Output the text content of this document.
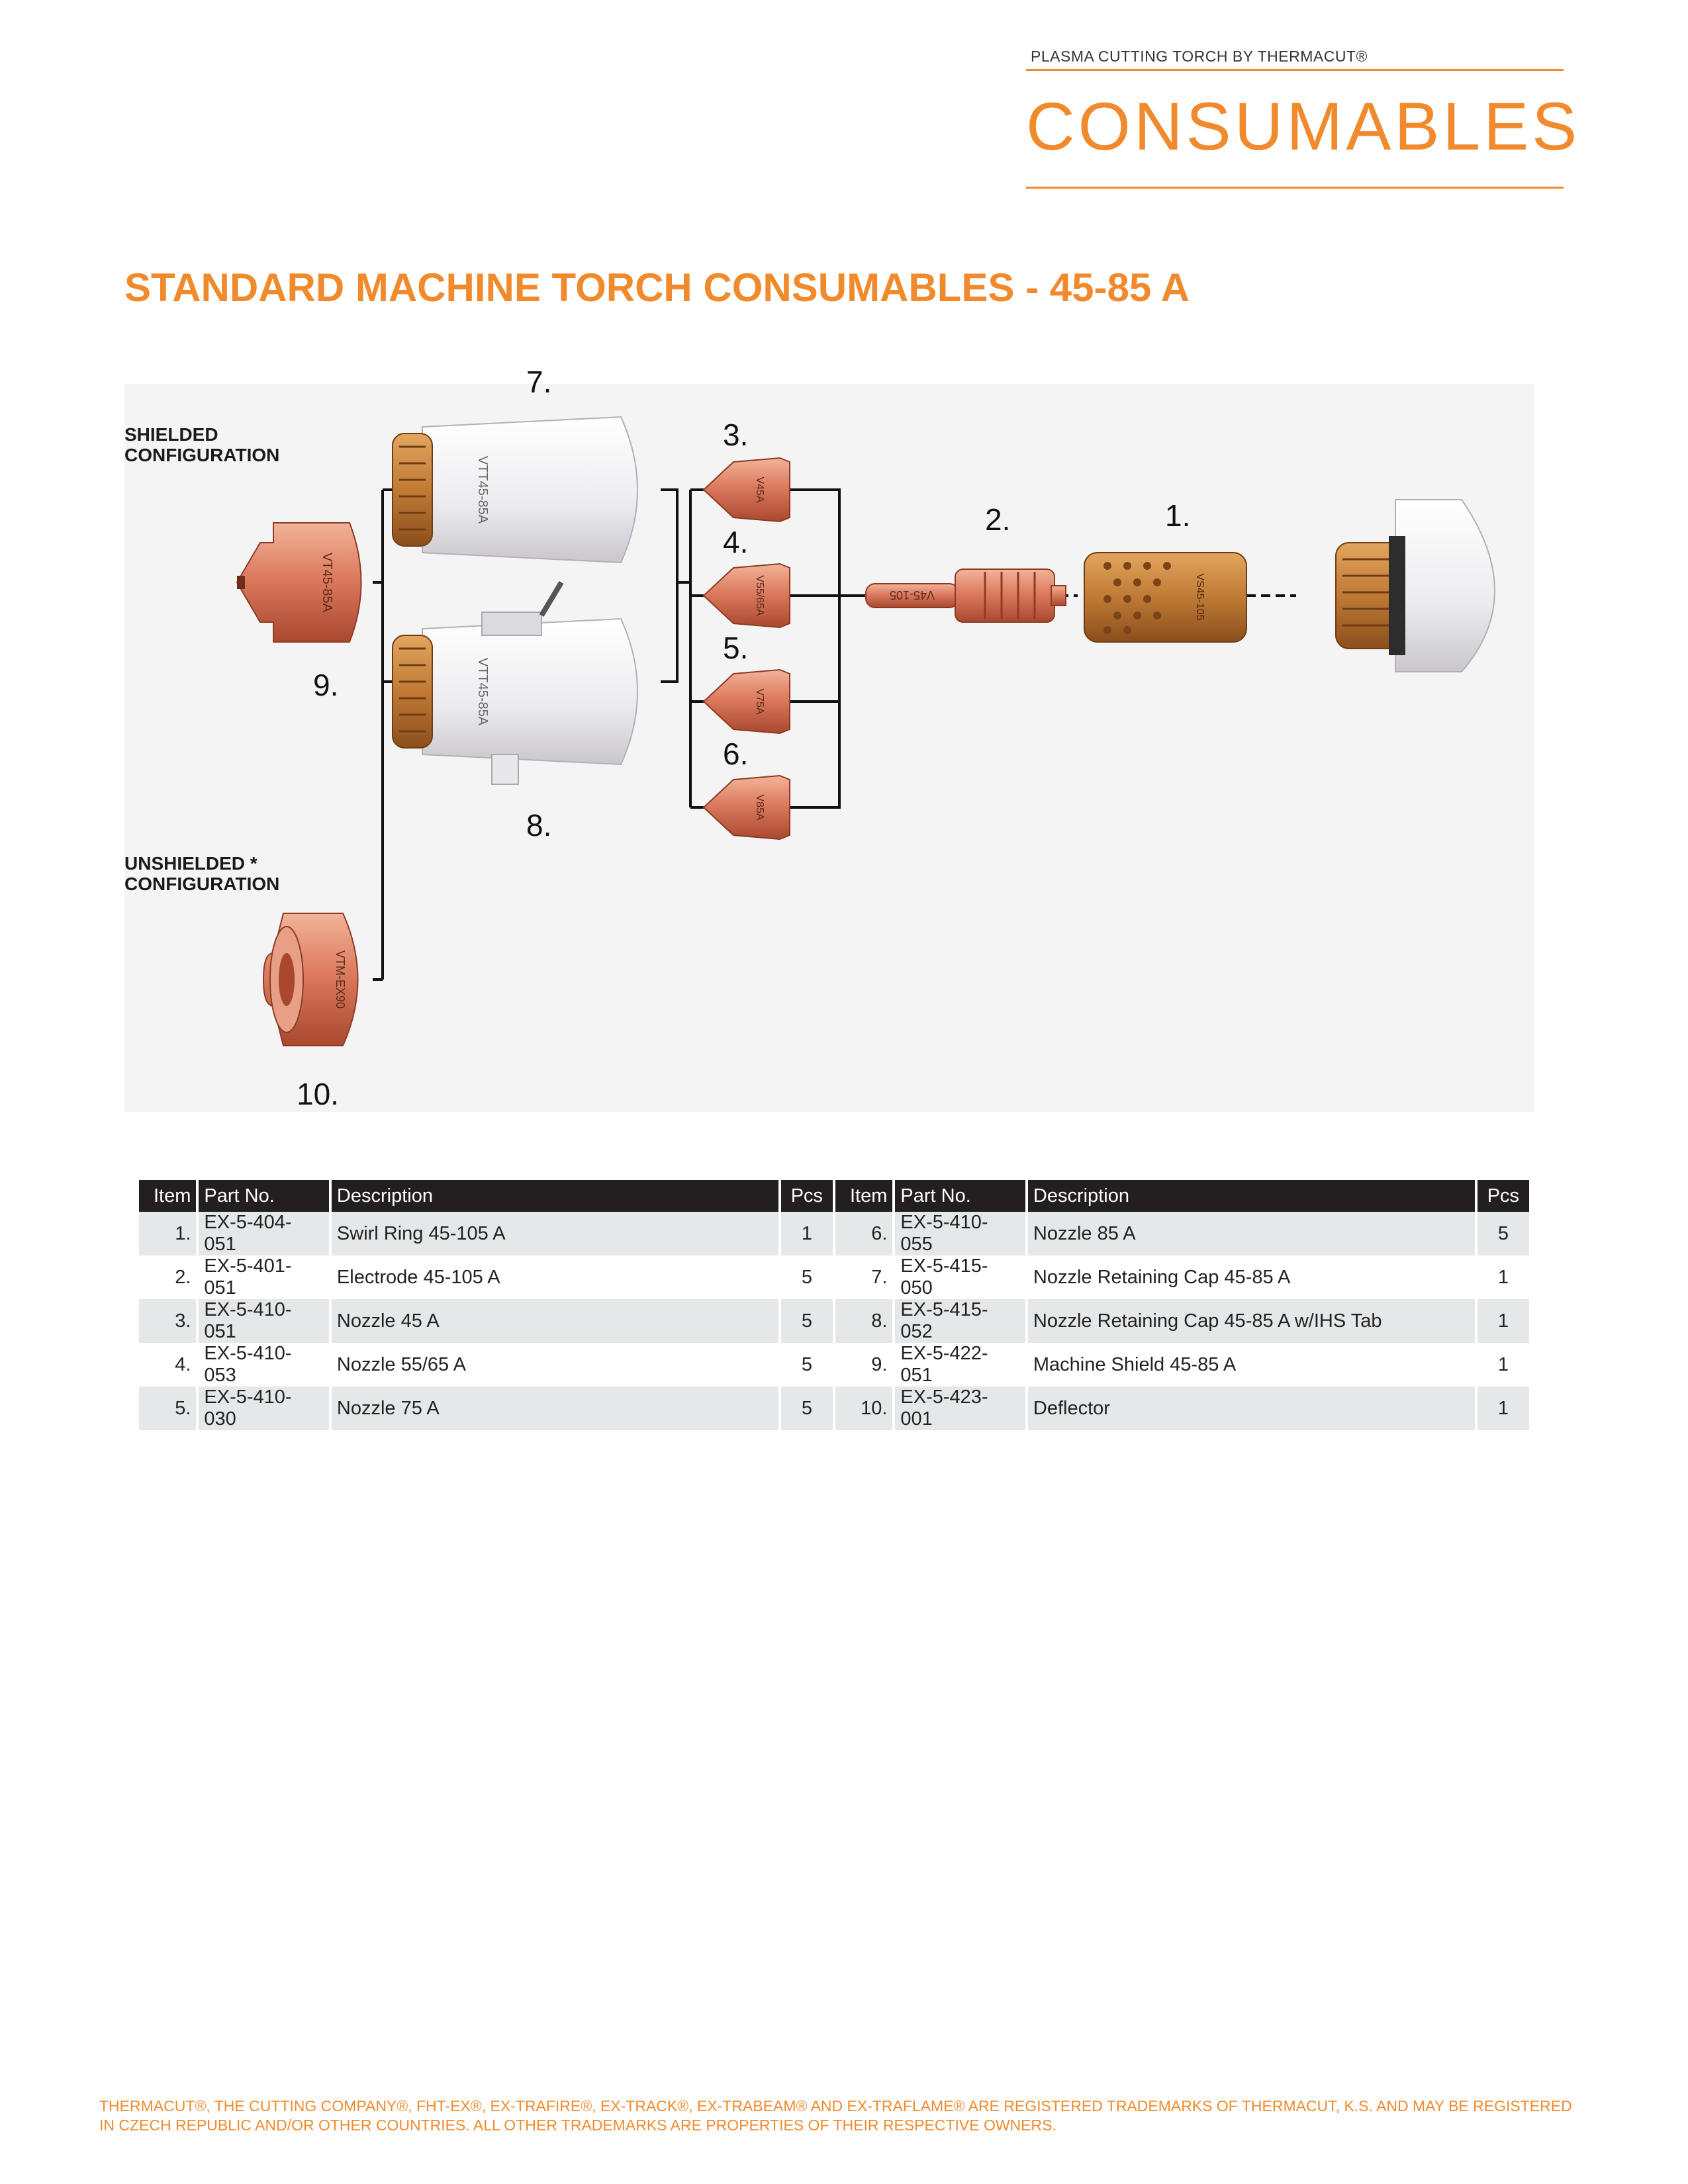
PLASMA CUTTING TORCH BY THERMACUT®
CONSUMABLES
STANDARD MACHINE TORCH CONSUMABLES - 45-85 A
VT45-85A
VTT45-85A
VTT45-85A
V45A
V55/65A
V75A
V85A
V45-105	VS45-105
VTM-EX90
SHIELDED
CONFIGURATION
UNSHIELDED *
CONFIGURATION
1.
2.
3.
4.
5.
6.
7.
8.
9.
10.
Item	Part No.	Description	Pcs	Item	Part No.	Description	Pcs
1.	EX-5-404-051	Swirl Ring 45-105 A	1	6.	EX-5-410-055	Nozzle 85 A	5
2.	EX-5-401-051	Electrode 45-105 A	5	7.	EX-5-415-050	Nozzle Retaining Cap 45-85 A	1
3.	EX-5-410-051	Nozzle 45 A	5	8.	EX-5-415-052	Nozzle Retaining Cap 45-85 A w/IHS Tab	1
4.	EX-5-410-053	Nozzle 55/65 A	5	9.	EX-5-422-051	Machine Shield 45-85 A	1
5.	EX-5-410-030	Nozzle 75 A	5	10.	EX-5-423-001	Deflector	1
THERMACUT®, THE CUTTING COMPANY®, FHT-EX®, EX-TRAFIRE®, EX-TRACK®, EX-TRABEAM® AND EX-TRAFLAME® ARE REGISTERED TRADEMARKS OF THERMACUT, K.S. AND MAY BE REGISTERED IN CZECH REPUBLIC AND/OR OTHER COUNTRIES. ALL OTHER TRADEMARKS ARE PROPERTIES OF THEIR RESPECTIVE OWNERS.
